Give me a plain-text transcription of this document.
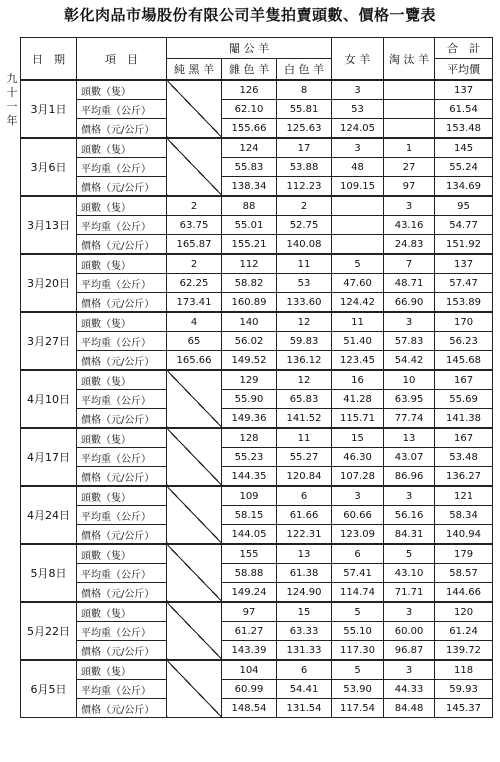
彰化肉品市場股份有限公司羊隻拍賣頭數、價格一覽表
九
十
一
年
日　期	項　目	閹 公 羊			女 羊	淘 汰 羊	合　計
		純 黑 羊	雜 色 羊	白 色 羊			平均價
3月1日	頭數（隻）		126	8	3		137
	平均重（公斤）		62.10	55.81	53		61.54
	價格（元/公斤）		155.66	125.63	124.05		153.48
3月6日	頭數（隻）		124	17	3	1	145
	平均重（公斤）		55.83	53.88	48	27	55.24
	價格（元/公斤）		138.34	112.23	109.15	97	134.69
3月13日	頭數（隻）	2	88	2		3	95
	平均重（公斤）	63.75	55.01	52.75		43.16	54.77
	價格（元/公斤）	165.87	155.21	140.08		24.83	151.92
3月20日	頭數（隻）	2	112	11	5	7	137
	平均重（公斤）	62.25	58.82	53	47.60	48.71	57.47
	價格（元/公斤）	173.41	160.89	133.60	124.42	66.90	153.89
3月27日	頭數（隻）	4	140	12	11	3	170
	平均重（公斤）	65	56.02	59.83	51.40	57.83	56.23
	價格（元/公斤）	165.66	149.52	136.12	123.45	54.42	145.68
4月10日	頭數（隻）		129	12	16	10	167
	平均重（公斤）		55.90	65.83	41.28	63.95	55.69
	價格（元/公斤）		149.36	141.52	115.71	77.74	141.38
4月17日	頭數（隻）		128	11	15	13	167
	平均重（公斤）		55.23	55.27	46.30	43.07	53.48
	價格（元/公斤）		144.35	120.84	107.28	86.96	136.27
4月24日	頭數（隻）		109	6	3	3	121
	平均重（公斤）		58.15	61.66	60.66	56.16	58.34
	價格（元/公斤）		144.05	122.31	123.09	84.31	140.94
5月8日	頭數（隻）		155	13	6	5	179
	平均重（公斤）		58.88	61.38	57.41	43.10	58.57
	價格（元/公斤）		149.24	124.90	114.74	71.71	144.66
5月22日	頭數（隻）		97	15	5	3	120
	平均重（公斤）		61.27	63.33	55.10	60.00	61.24
	價格（元/公斤）		143.39	131.33	117.30	96.87	139.72
6月5日	頭數（隻）		104	6	5	3	118
	平均重（公斤）		60.99	54.41	53.90	44.33	59.93
	價格（元/公斤）		148.54	131.54	117.54	84.48	145.37
